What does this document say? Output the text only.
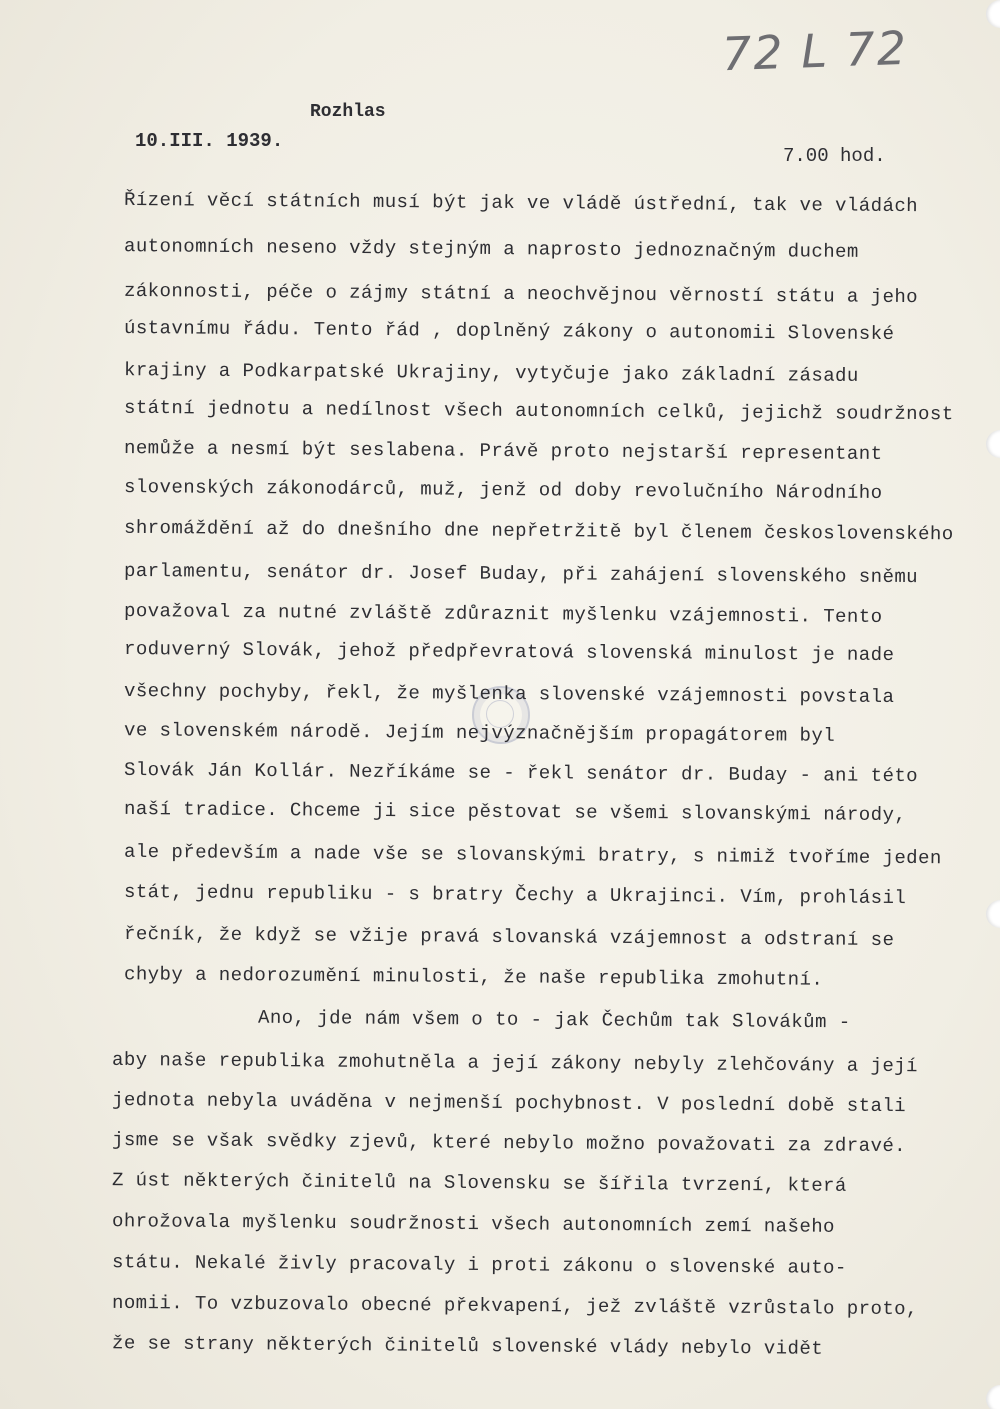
72 L 72
Rozhlas
10.III. 1939.
7.00 hod.
Řízení věcí státních musí být jak ve vládě ústřední, tak ve vládách
autonomních neseno vždy stejným a naprosto jednoznačným duchem
zákonnosti, péče o zájmy státní a neochvějnou věrností státu a jeho
ústavnímu řádu. Tento řád , doplněný zákony o autonomii Slovenské
krajiny a Podkarpatské Ukrajiny, vytyčuje jako základní zásadu
státní jednotu a nedílnost všech autonomních celků, jejichž soudržnost
nemůže a nesmí být seslabena. Právě proto nejstarší representant
slovenských zákonodárců, muž, jenž od doby revolučního Národního
shromáždění až do dnešního dne nepřetržitě byl členem československého
parlamentu, senátor dr. Josef Buday, při zahájení slovenského sněmu
považoval za nutné zvláště zdůraznit myšlenku vzájemnosti. Tento
roduverný Slovák, jehož předpřevratová slovenská minulost je nade
všechny pochyby, řekl, že myšlenka slovenské vzájemnosti povstala
ve slovenském národě. Jejím nejvýznačnějším propagátorem byl
Slovák Ján Kollár. Nezříkáme se - řekl senátor dr. Buday - ani této
naší tradice. Chceme ji sice pěstovat se všemi slovanskými národy,
ale především a nade vše se slovanskými bratry, s nimiž tvoříme jeden
stát, jednu republiku - s bratry Čechy a Ukrajinci. Vím, prohlásil
řečník, že když se vžije pravá slovanská vzájemnost a odstraní se
chyby a nedorozumění minulosti, že naše republika zmohutní.
Ano, jde nám všem o to - jak Čechům tak Slovákům -
aby naše republika zmohutněla a její zákony nebyly zlehčovány a její
jednota nebyla uváděna v nejmenší pochybnost. V poslední době stali
jsme se však svědky zjevů, které nebylo možno považovati za zdravé.
Z úst některých činitelů na Slovensku se šířila tvrzení, která
ohrožovala myšlenku soudržnosti všech autonomních zemí našeho
státu. Nekalé živly pracovaly i proti zákonu o slovenské auto-
nomii. To vzbuzovalo obecné překvapení, jež zvláště vzrůstalo proto,
že se strany některých činitelů slovenské vlády nebylo vidět
